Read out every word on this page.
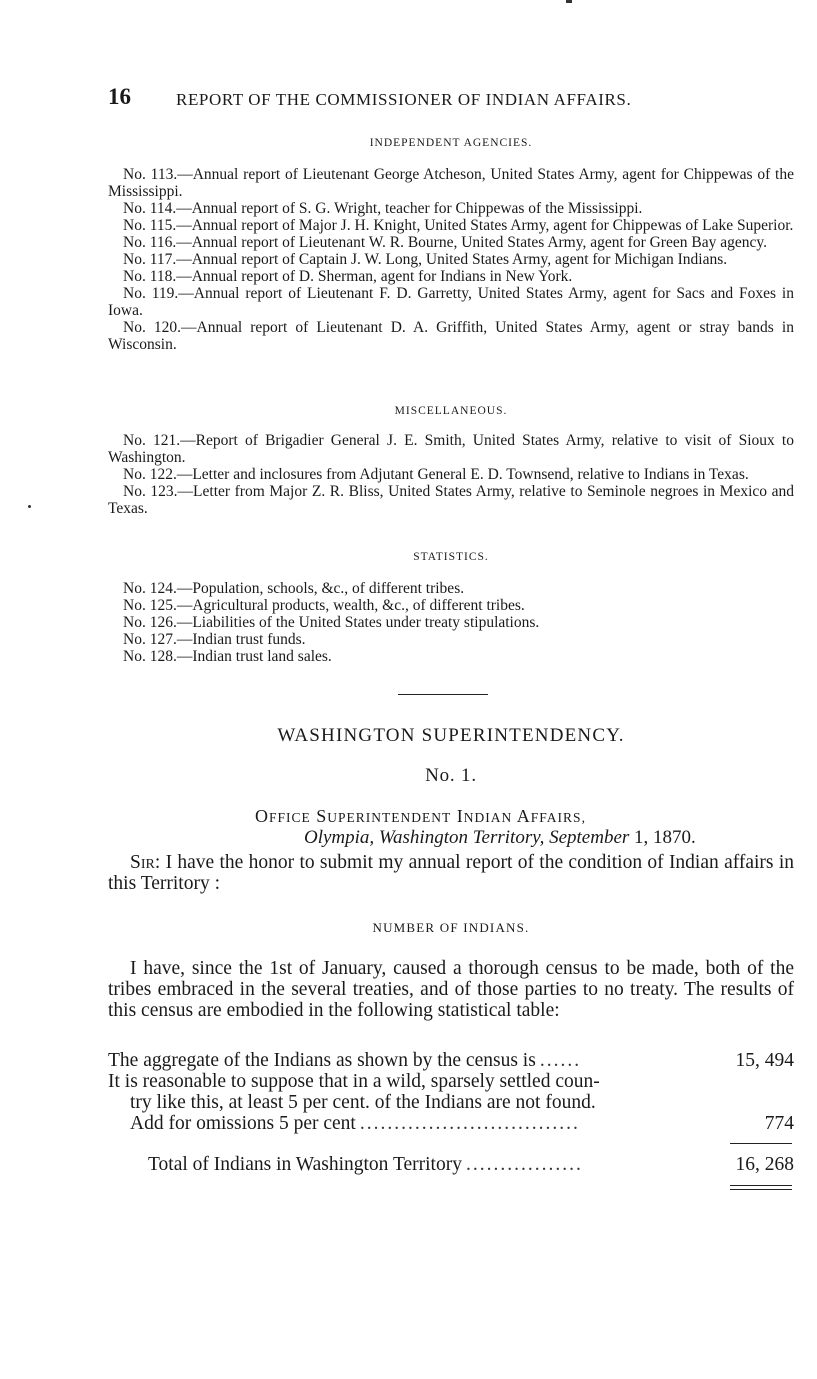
16	REPORT OF THE COMMISSIONER OF INDIAN AFFAIRS.
INDEPENDENT AGENCIES.

No. 113.—Annual report of Lieutenant George Atcheson, United States Army, agent for Chippewas of the Mississippi.

No. 114.—Annual report of S. G. Wright, teacher for Chippewas of the Mississippi.

No. 115.—Annual report of Major J. H. Knight, United States Army, agent for Chippewas of Lake Superior.

No. 116.—Annual report of Lieutenant W. R. Bourne, United States Army, agent for Green Bay agency.

No. 117.—Annual report of Captain J. W. Long, United States Army, agent for Michigan Indians.

No. 118.—Annual report of D. Sherman, agent for Indians in New York.

No. 119.—Annual report of Lieutenant F. D. Garretty, United States Army, agent for Sacs and Foxes in Iowa.

No. 120.—Annual report of Lieutenant D. A. Griffith, United States Army, agent or stray bands in Wisconsin.

MISCELLANEOUS.

No. 121.—Report of Brigadier General J. E. Smith, United States Army, relative to visit of Sioux to Washington.

No. 122.—Letter and inclosures from Adjutant General E. D. Townsend, relative to Indians in Texas.

No. 123.—Letter from Major Z. R. Bliss, United States Army, relative to Seminole negroes in Mexico and Texas.

STATISTICS.

No. 124.—Population, schools, &c., of different tribes.

No. 125.—Agricultural products, wealth, &c., of different tribes.

No. 126.—Liabilities of the United States under treaty stipulations.

No. 127.—Indian trust funds.

No. 128.—Indian trust land sales.

WASHINGTON SUPERINTENDENCY.
No. 1.
OFFICE SUPERINTENDENT INDIAN AFFAIRS,
Olympia, Washington Territory, September 1, 1870.

Sir: I have the honor to submit my annual report of the condition of Indian affairs in this Territory :

NUMBER OF INDIANS.

I have, since the 1st of January, caused a thorough census to be made, both of the tribes embraced in the several treaties, and of those parties to no treaty. The results of this census are embodied in the following statistical table:

The aggregate of the Indians as shown by the census is ......	15, 494
It is reasonable to suppose that in a wild, sparsely settled coun-
try like this, at least 5 per cent. of the Indians are not found.
Add for omissions 5 per cent ................................	774
Total of Indians in Washington Territory .................	16, 268
